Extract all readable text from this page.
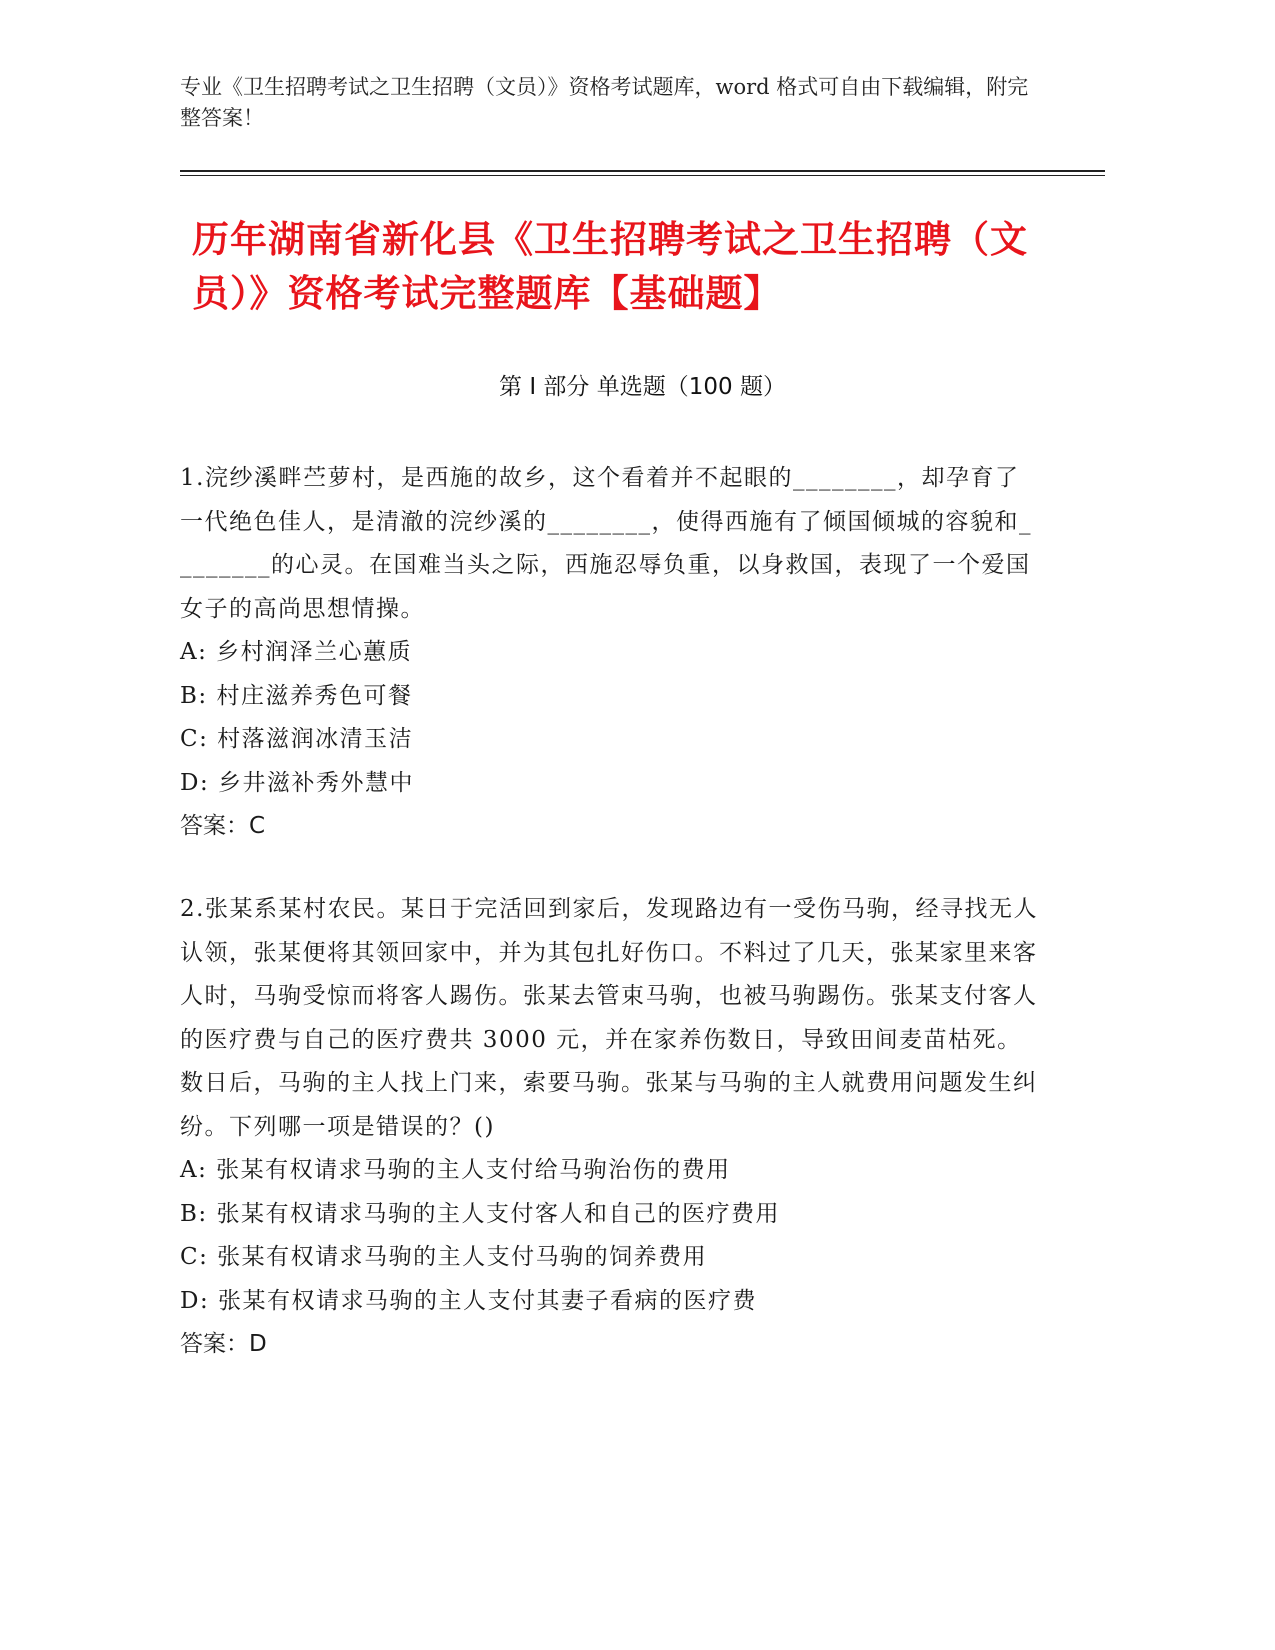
专业《卫生招聘考试之卫生招聘（文员）》资格考试题库，word 格式可自由下载编辑，附完整答案！
历年湖南省新化县《卫生招聘考试之卫生招聘（文员）》资格考试完整题库【基础题】
第 I 部分 单选题（100 题）
1.浣纱溪畔苎萝村，是西施的故乡，这个看着并不起眼的________，却孕育了一代绝色佳人，是清澈的浣纱溪的________，使得西施有了倾国倾城的容貌和________的心灵。在国难当头之际，西施忍辱负重，以身救国，表现了一个爱国女子的高尚思想情操。
A: 乡村润泽兰心蕙质
B: 村庄滋养秀色可餐
C: 村落滋润冰清玉洁
D: 乡井滋补秀外慧中
答案：C
2.张某系某村农民。某日于完活回到家后，发现路边有一受伤马驹，经寻找无人认领，张某便将其领回家中，并为其包扎好伤口。不料过了几天，张某家里来客人时，马驹受惊而将客人踢伤。张某去管束马驹，也被马驹踢伤。张某支付客人的医疗费与自己的医疗费共 3000 元，并在家养伤数日，导致田间麦苗枯死。数日后，马驹的主人找上门来，索要马驹。张某与马驹的主人就费用问题发生纠纷。下列哪一项是错误的？()
A: 张某有权请求马驹的主人支付给马驹治伤的费用
B: 张某有权请求马驹的主人支付客人和自己的医疗费用
C: 张某有权请求马驹的主人支付马驹的饲养费用
D: 张某有权请求马驹的主人支付其妻子看病的医疗费
答案：D
